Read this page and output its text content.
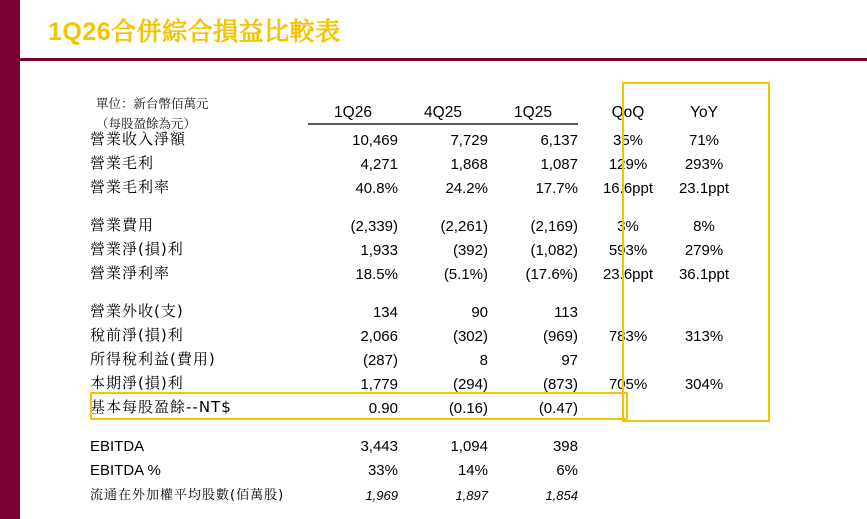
1Q26合併綜合損益比較表
單位：新台幣佰萬元
（每股盈餘為元）
	1Q26	4Q25	1Q25		QoQ	YoY

營業收入淨額	10,469	7,729	6,137		35%	71%
營業毛利	4,271	1,868	1,087		129%	293%
營業毛利率	40.8%	24.2%	17.7%		16.6ppt	23.1ppt

營業費用	(2,339)	(2,261)	(2,169)		3%	8%
營業淨(損)利	1,933	(392)	(1,082)		593%	279%
營業淨利率	18.5%	(5.1%)	(17.6%)		23.6ppt	36.1ppt

營業外收(支)	134	90	113			
稅前淨(損)利	2,066	(302)	(969)		783%	313%
所得稅利益(費用)	(287)	8	97			
本期淨(損)利	1,779	(294)	(873)		705%	304%
基本每股盈餘--NT$	0.90	(0.16)	(0.47)			

EBITDA	3,443	1,094	398			
EBITDA %	33%	14%	6%			
流通在外加權平均股數(佰萬股)	1,969	1,897	1,854			
